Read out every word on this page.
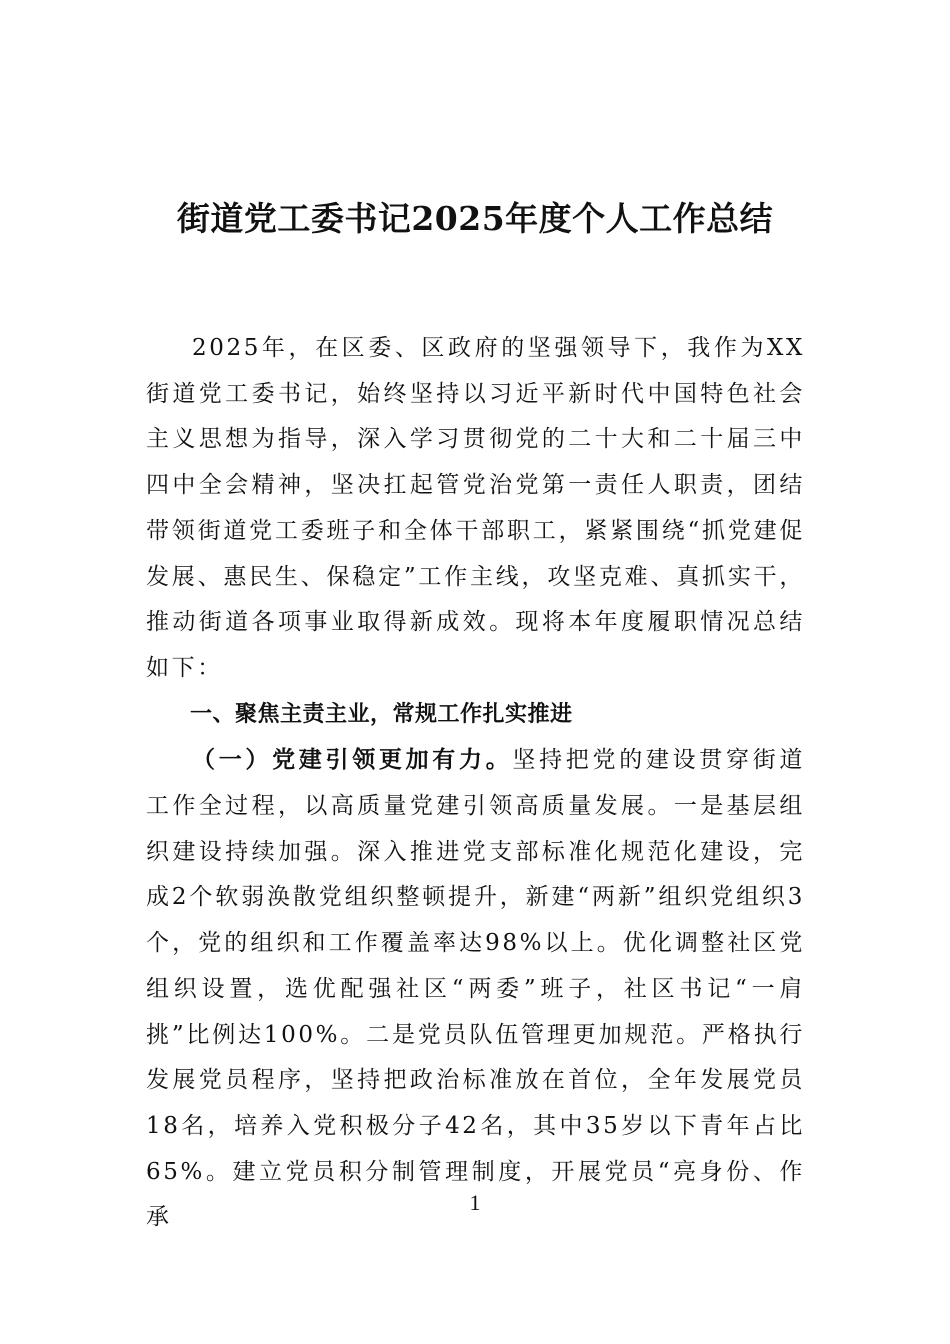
街道党工委书记2025年度个人工作总结

2025年，在区委、区政府的坚强领导下，我作为XX街道党工委书记，始终坚持以习近平新时代中国特色社会主义思想为指导，深入学习贯彻党的二十大和二十届三中四中全会精神，坚决扛起管党治党第一责任人职责，团结带领街道党工委班子和全体干部职工，紧紧围绕“抓党建促发展、惠民生、保稳定”工作主线，攻坚克难、真抓实干，推动街道各项事业取得新成效。现将本年度履职情况总结如下：

一、聚焦主责主业，常规工作扎实推进

（一）党建引领更加有力。坚持把党的建设贯穿街道工作全过程，以高质量党建引领高质量发展。一是基层组织建设持续加强。深入推进党支部标准化规范化建设，完成2个软弱涣散党组织整顿提升，新建“两新”组织党组织3个，党的组织和工作覆盖率达98%以上。优化调整社区党组织设置，选优配强社区“两委”班子，社区书记“一肩挑”比例达100%。二是党员队伍管理更加规范。严格执行发展党员程序，坚持把政治标准放在首位，全年发展党员18名，培养入党积极分子42名，其中35岁以下青年占比65%。建立党员积分制管理制度，开展党员“亮身份、作承

1
